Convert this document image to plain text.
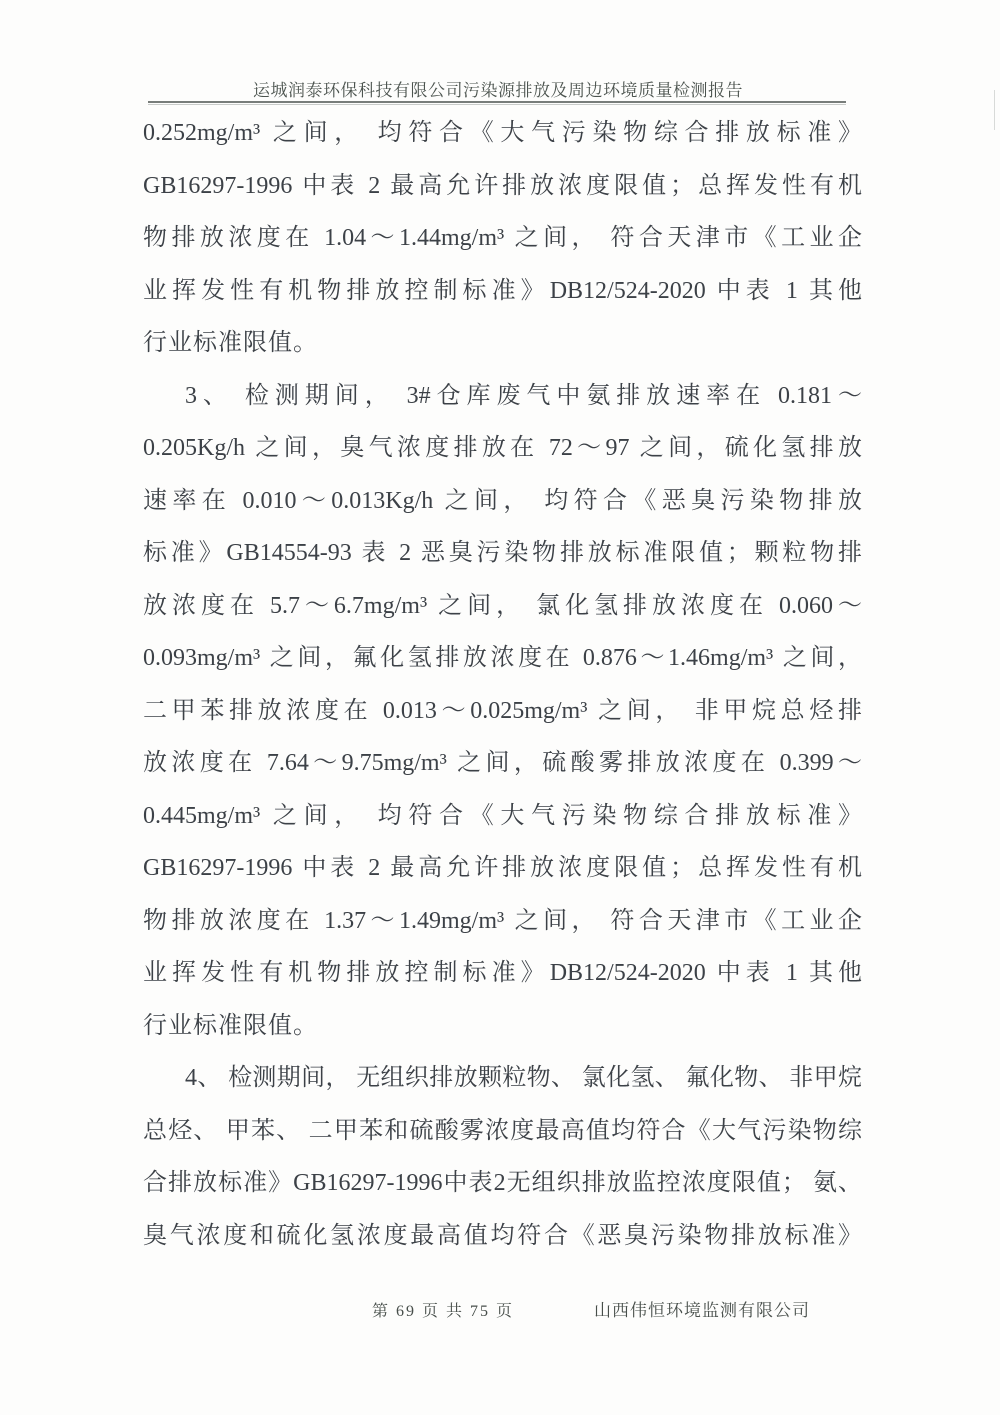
运城润泰环保科技有限公司污染源排放及周边环境质量检测报告
0.252mg/m³ 之间， 均符合《大气污染物综合排放标准》
GB16297-1996 中表 2 最高允许排放浓度限值；总挥发性有机
物排放浓度在 1.04～1.44mg/m³ 之间， 符合天津市《工业企
业挥发性有机物排放控制标准》DB12/524-2020 中表 1 其他
行业标准限值。
3、 检测期间， 3#仓库废气中氨排放速率在 0.181～
0.205Kg/h 之间，臭气浓度排放在 72～97 之间，硫化氢排放
速率在 0.010～0.013Kg/h 之间， 均符合《恶臭污染物排放
标准》GB14554-93 表 2 恶臭污染物排放标准限值；颗粒物排
放浓度在 5.7～6.7mg/m³ 之间， 氯化氢排放浓度在 0.060～
0.093mg/m³ 之间，氟化氢排放浓度在 0.876～1.46mg/m³ 之间，
二甲苯排放浓度在 0.013～0.025mg/m³ 之间， 非甲烷总烃排
放浓度在 7.64～9.75mg/m³ 之间，硫酸雾排放浓度在 0.399～
0.445mg/m³ 之间， 均符合《大气污染物综合排放标准》
GB16297-1996 中表 2 最高允许排放浓度限值；总挥发性有机
物排放浓度在 1.37～1.49mg/m³ 之间， 符合天津市《工业企
业挥发性有机物排放控制标准》DB12/524-2020 中表 1 其他
行业标准限值。
4、 检测期间， 无组织排放颗粒物、 氯化氢、 氟化物、 非甲烷
总烃、 甲苯、 二甲苯和硫酸雾浓度最高值均符合《大气污染物综
合排放标准》GB16297-1996中表2无组织排放监控浓度限值； 氨、
臭气浓度和硫化氢浓度最高值均符合《恶臭污染物排放标准》
第 69 页 共 75 页	山西伟恒环境监测有限公司
